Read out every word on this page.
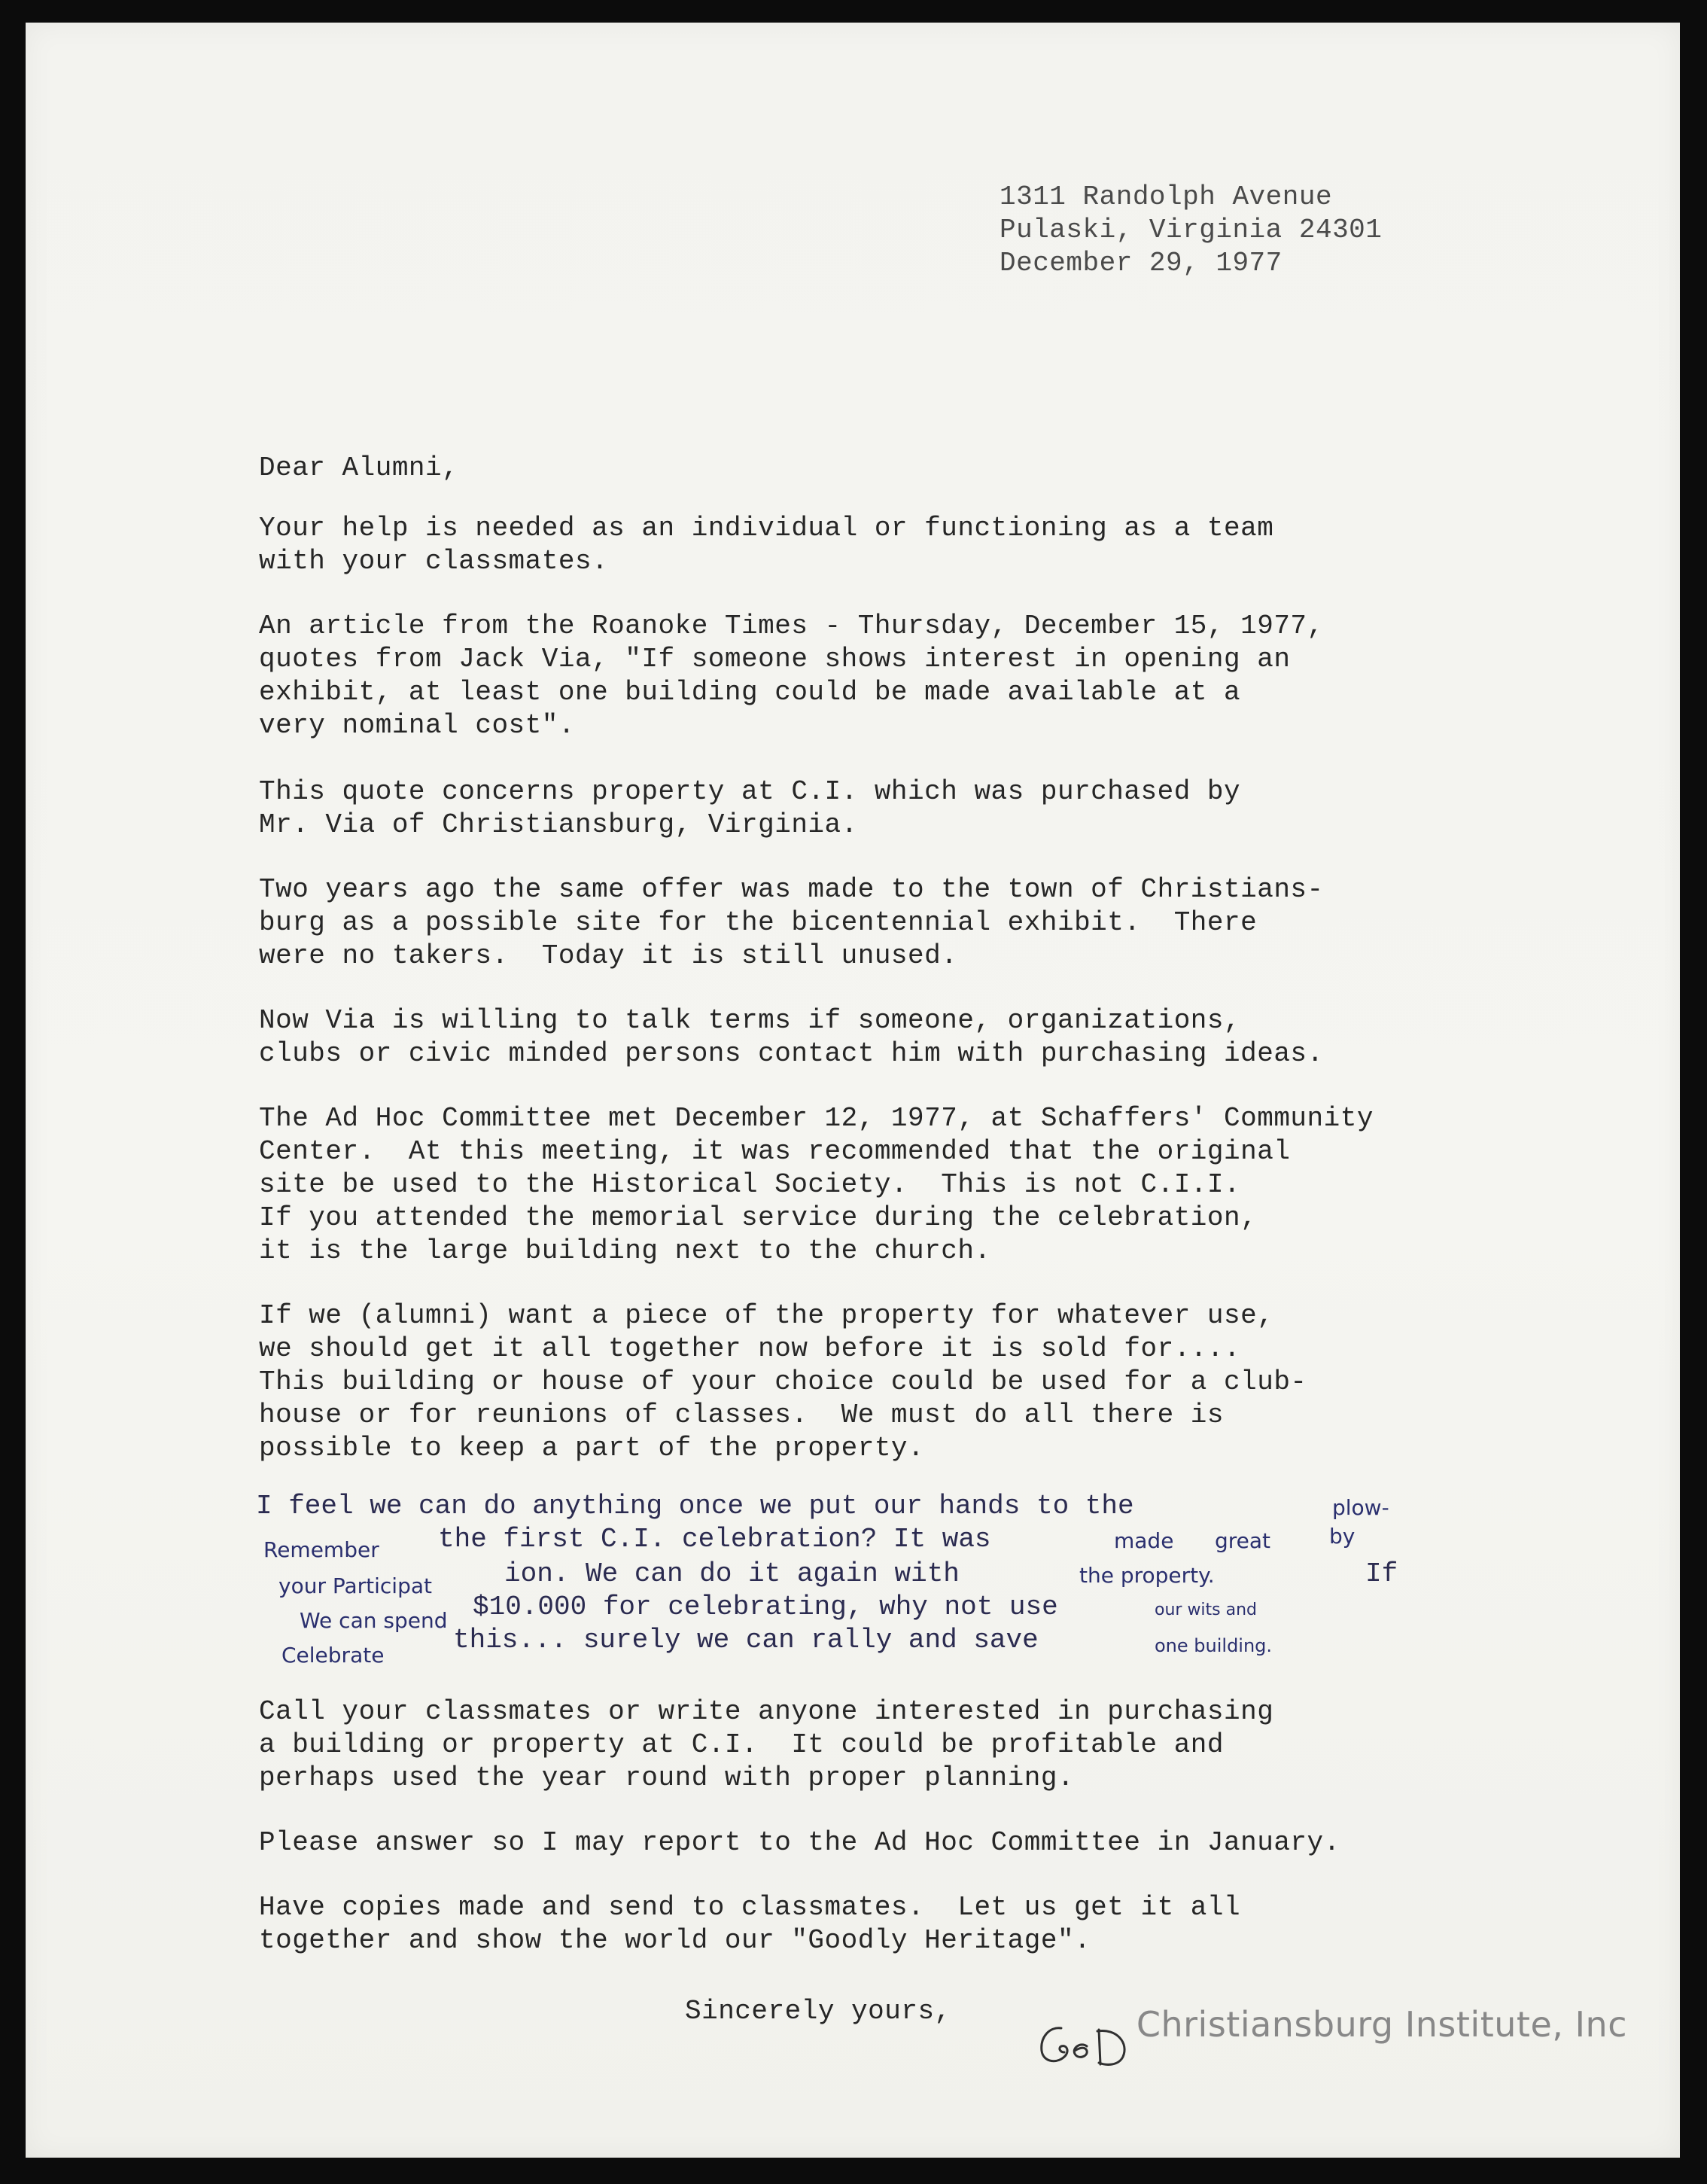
1311 Randolph Avenue
Pulaski, Virginia 24301
December 29, 1977
Dear Alumni,
Your help is needed as an individual or functioning as a team
with your classmates.
An article from the Roanoke Times - Thursday, December 15, 1977,
quotes from Jack Via, "If someone shows interest in opening an
exhibit, at least one building could be made available at a
very nominal cost".
This quote concerns property at C.I. which was purchased by
Mr. Via of Christiansburg, Virginia.
Two years ago the same offer was made to the town of Christians-
burg as a possible site for the bicentennial exhibit.  There
were no takers.  Today it is still unused.
Now Via is willing to talk terms if someone, organizations,
clubs or civic minded persons contact him with purchasing ideas.
The Ad Hoc Committee met December 12, 1977, at Schaffers' Community
Center.  At this meeting, it was recommended that the original
site be used to the Historical Society.  This is not C.I.I.
If you attended the memorial service during the celebration,
it is the large building next to the church.
If we (alumni) want a piece of the property for whatever use,
we should get it all together now before it is sold for....
This building or house of your choice could be used for a club-
house or for reunions of classes.  We must do all there is
possible to keep a part of the property.

I feel we can do anything once we put our hands to the	plow-

Remember the first C.I. celebration? It was	made great	by

your Participat	ion. We can do it again with	the property.	If

We can spend $10.000 for celebrating, why not use	our wits and

Celebrate	this... surely we can rally and save	one building.

Call your classmates or write anyone interested in purchasing
a building or property at C.I.  It could be profitable and
perhaps used the year round with proper planning.
Please answer so I may report to the Ad Hoc Committee in January.
Have copies made and send to classmates.  Let us get it all
together and show the world our "Goodly Heritage".
Sincerely yours,	Christiansburg Institute, Inc
